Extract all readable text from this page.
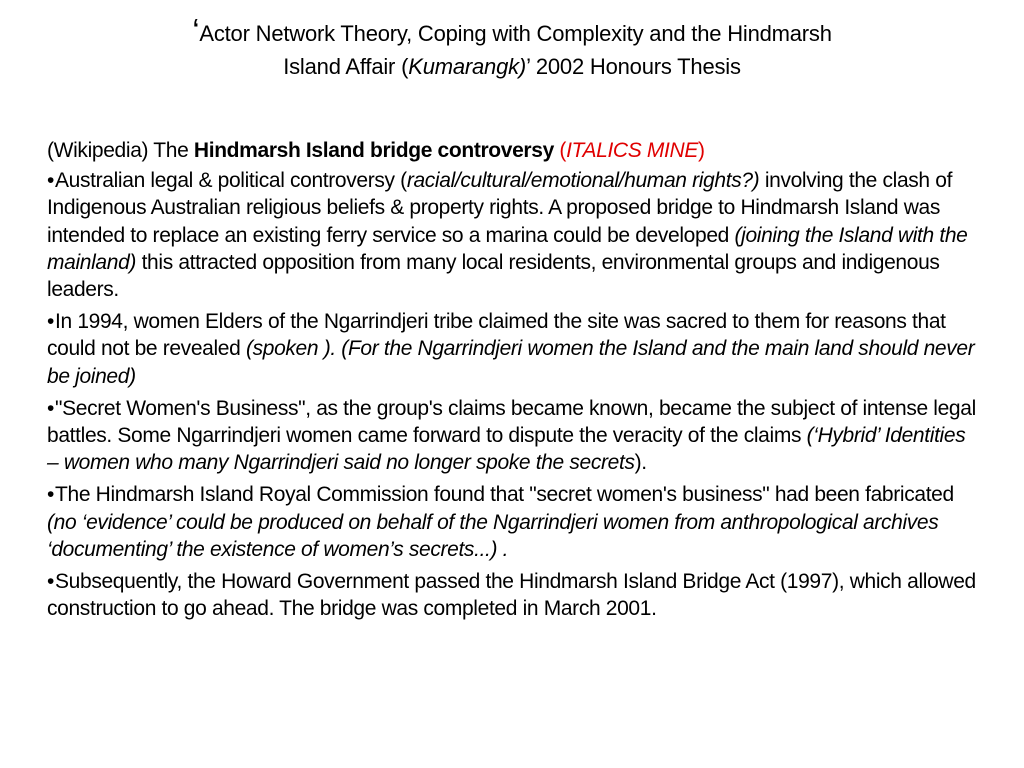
‘Actor Network Theory, Coping with Complexity and the Hindmarsh
Island Affair (Kumarangk)’ 2002 Honours Thesis
(Wikipedia) The Hindmarsh Island bridge controversy (ITALICS MINE)
•Australian legal & political controversy (racial/cultural/emotional/human rights?) involving the clash of Indigenous Australian religious beliefs & property rights. A proposed bridge to Hindmarsh Island was intended to replace an existing ferry service so a marina could be developed (joining the Island with the mainland) this attracted opposition from many local residents, environmental groups and indigenous leaders.
•In 1994, women Elders of the Ngarrindjeri tribe claimed the site was sacred to them for reasons that could not be revealed (spoken ). (For the Ngarrindjeri women the Island and the main land should never be joined)
•"Secret Women's Business", as the group's claims became known, became the subject of intense legal battles. Some Ngarrindjeri women came forward to dispute the veracity of the claims (‘Hybrid’ Identities – women who many Ngarrindjeri said no longer spoke the secrets).
•The Hindmarsh Island Royal Commission found that "secret women's business" had been fabricated (no ‘evidence’ could be produced on behalf of the Ngarrindjeri women from anthropological archives ‘documenting’ the existence of women’s secrets...) .
•Subsequently, the Howard Government passed the Hindmarsh Island Bridge Act (1997), which allowed construction to go ahead. The bridge was completed in March 2001.
